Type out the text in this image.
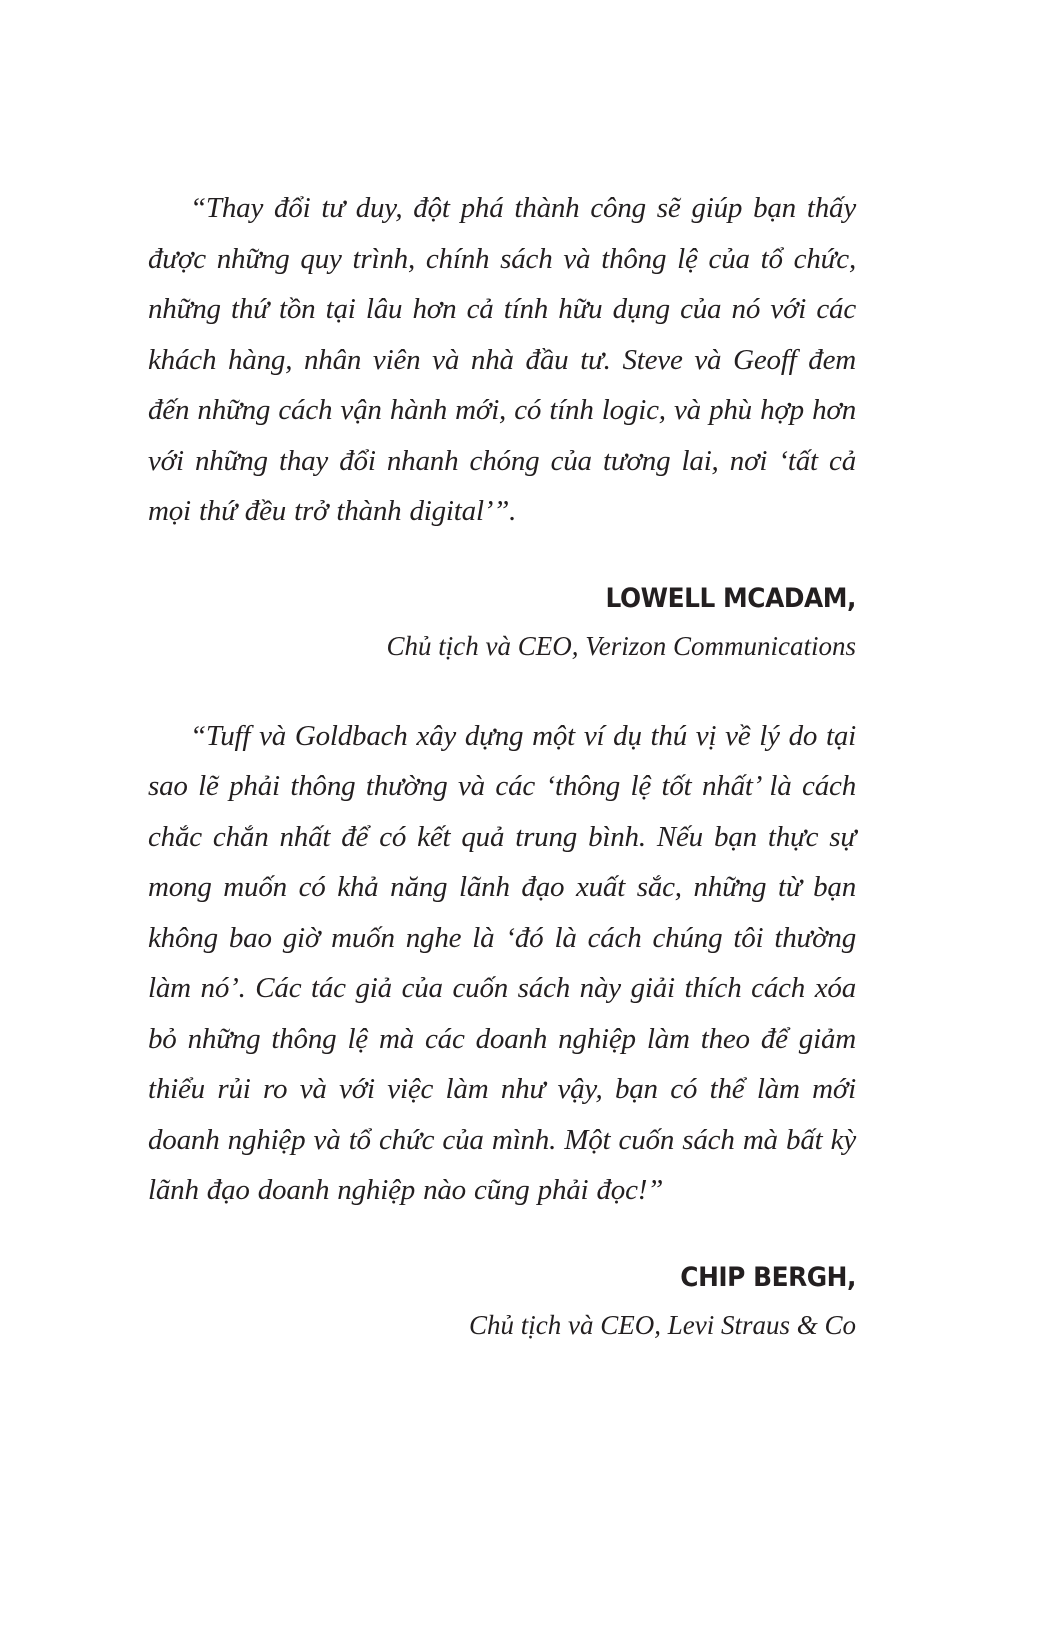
“Thay đổi tư duy, đột phá thành công sẽ giúp bạn thấy được những quy trình, chính sách và thông lệ của tổ chức, những thứ tồn tại lâu hơn cả tính hữu dụng của nó với các khách hàng, nhân viên và nhà đầu tư. Steve và Geoff đem đến những cách vận hành mới, có tính logic, và phù hợp hơn với những thay đổi nhanh chóng của tương lai, nơi ‘tất cả mọi thứ đều trở thành digital’”.

LOWELL MCADAM,

Chủ tịch và CEO, Verizon Communications

“Tuff và Goldbach xây dựng một ví dụ thú vị về lý do tại sao lẽ phải thông thường và các ‘thông lệ tốt nhất’ là cách chắc chắn nhất để có kết quả trung bình. Nếu bạn thực sự mong muốn có khả năng lãnh đạo xuất sắc, những từ bạn không bao giờ muốn nghe là ‘đó là cách chúng tôi thường làm nó’. Các tác giả của cuốn sách này giải thích cách xóa bỏ những thông lệ mà các doanh nghiệp làm theo để giảm thiểu rủi ro và với việc làm như vậy, bạn có thể làm mới doanh nghiệp và tổ chức của mình. Một cuốn sách mà bất kỳ lãnh đạo doanh nghiệp nào cũng phải đọc!”

CHIP BERGH,

Chủ tịch và CEO, Levi Straus & Co
